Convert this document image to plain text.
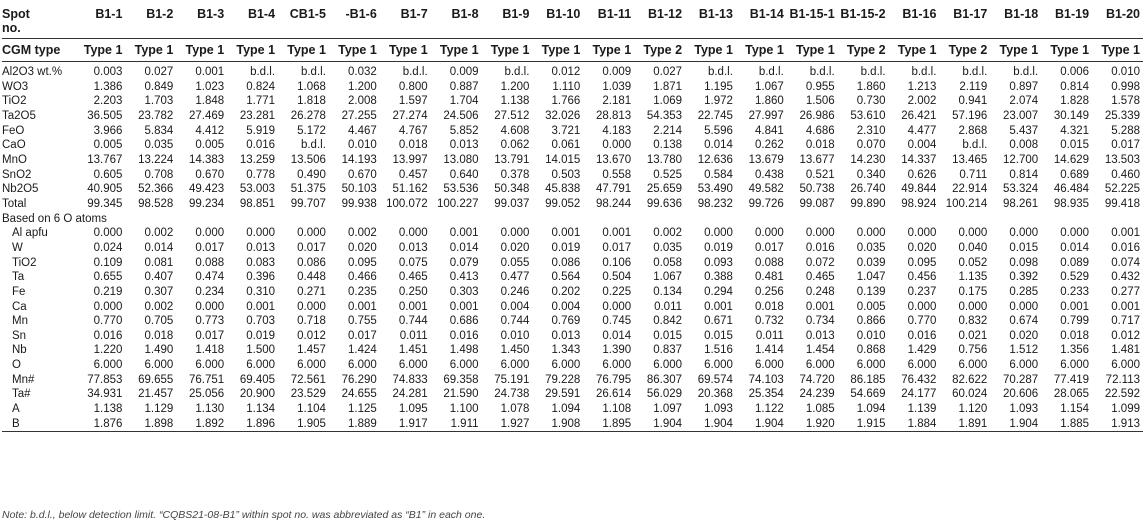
Spot	B1-1	B1-2	B1-3	B1-4	CB1-5	-B1-6	B1-7	B1-8	B1-9	B1-10	B1-11	B1-12	B1-13	B1-14	B1-15-1	B1-15-2	B1-16	B1-17	B1-18	B1-19	B1-20
no.																					
CGM type	Type 1	Type 1	Type 1	Type 1	Type 1	Type 1	Type 1	Type 1	Type 1	Type 1	Type 1	Type 2	Type 1	Type 1	Type 1	Type 2	Type 1	Type 2	Type 1	Type 1	Type 1
Al2O3 wt.%	0.003	0.027	0.001	b.d.l.	b.d.l.	0.032	b.d.l.	0.009	b.d.l.	0.012	0.009	0.027	b.d.l.	b.d.l.	b.d.l.	b.d.l.	b.d.l.	b.d.l.	b.d.l.	0.006	0.010
WO3	1.386	0.849	1.023	0.824	1.068	1.200	0.800	0.887	1.200	1.110	1.039	1.871	1.195	1.067	0.955	1.860	1.213	2.119	0.897	0.814	0.998
TiO2	2.203	1.703	1.848	1.771	1.818	2.008	1.597	1.704	1.138	1.766	2.181	1.069	1.972	1.860	1.506	0.730	2.002	0.941	2.074	1.828	1.578
Ta2O5	36.505	23.782	27.469	23.281	26.278	27.255	27.274	24.506	27.512	32.026	28.813	54.353	22.745	27.997	26.986	53.610	26.421	57.196	23.007	30.149	25.339
FeO	3.966	5.834	4.412	5.919	5.172	4.467	4.767	5.852	4.608	3.721	4.183	2.214	5.596	4.841	4.686	2.310	4.477	2.868	5.437	4.321	5.288
CaO	0.005	0.035	0.005	0.016	b.d.l.	0.010	0.018	0.013	0.062	0.061	0.000	0.138	0.014	0.262	0.018	0.070	0.004	b.d.l.	0.008	0.015	0.017
MnO	13.767	13.224	14.383	13.259	13.506	14.193	13.997	13.080	13.791	14.015	13.670	13.780	12.636	13.679	13.677	14.230	14.337	13.465	12.700	14.629	13.503
SnO2	0.605	0.708	0.670	0.778	0.490	0.670	0.457	0.640	0.378	0.503	0.558	0.525	0.584	0.438	0.521	0.340	0.626	0.711	0.814	0.689	0.460
Nb2O5	40.905	52.366	49.423	53.003	51.375	50.103	51.162	53.536	50.348	45.838	47.791	25.659	53.490	49.582	50.738	26.740	49.844	22.914	53.324	46.484	52.225
Total	99.345	98.528	99.234	98.851	99.707	99.938	100.072	100.227	99.037	99.052	98.244	99.636	98.232	99.726	99.087	99.890	98.924	100.214	98.261	98.935	99.418
Based on 6 O atoms																					
Al apfu	0.000	0.002	0.000	0.000	0.000	0.002	0.000	0.001	0.000	0.001	0.001	0.002	0.000	0.000	0.000	0.000	0.000	0.000	0.000	0.000	0.001
W	0.024	0.014	0.017	0.013	0.017	0.020	0.013	0.014	0.020	0.019	0.017	0.035	0.019	0.017	0.016	0.035	0.020	0.040	0.015	0.014	0.016
TiO2	0.109	0.081	0.088	0.083	0.086	0.095	0.075	0.079	0.055	0.086	0.106	0.058	0.093	0.088	0.072	0.039	0.095	0.052	0.098	0.089	0.074
Ta	0.655	0.407	0.474	0.396	0.448	0.466	0.465	0.413	0.477	0.564	0.504	1.067	0.388	0.481	0.465	1.047	0.456	1.135	0.392	0.529	0.432
Fe	0.219	0.307	0.234	0.310	0.271	0.235	0.250	0.303	0.246	0.202	0.225	0.134	0.294	0.256	0.248	0.139	0.237	0.175	0.285	0.233	0.277
Ca	0.000	0.002	0.000	0.001	0.000	0.001	0.001	0.001	0.004	0.004	0.000	0.011	0.001	0.018	0.001	0.005	0.000	0.000	0.000	0.001	0.001
Mn	0.770	0.705	0.773	0.703	0.718	0.755	0.744	0.686	0.744	0.769	0.745	0.842	0.671	0.732	0.734	0.866	0.770	0.832	0.674	0.799	0.717
Sn	0.016	0.018	0.017	0.019	0.012	0.017	0.011	0.016	0.010	0.013	0.014	0.015	0.015	0.011	0.013	0.010	0.016	0.021	0.020	0.018	0.012
Nb	1.220	1.490	1.418	1.500	1.457	1.424	1.451	1.498	1.450	1.343	1.390	0.837	1.516	1.414	1.454	0.868	1.429	0.756	1.512	1.356	1.481
O	6.000	6.000	6.000	6.000	6.000	6.000	6.000	6.000	6.000	6.000	6.000	6.000	6.000	6.000	6.000	6.000	6.000	6.000	6.000	6.000	6.000
Mn#	77.853	69.655	76.751	69.405	72.561	76.290	74.833	69.358	75.191	79.228	76.795	86.307	69.574	74.103	74.720	86.185	76.432	82.622	70.287	77.419	72.113
Ta#	34.931	21.457	25.056	20.900	23.529	24.655	24.281	21.590	24.738	29.591	26.614	56.029	20.368	25.354	24.239	54.669	24.177	60.024	20.606	28.065	22.592
A	1.138	1.129	1.130	1.134	1.104	1.125	1.095	1.100	1.078	1.094	1.108	1.097	1.093	1.122	1.085	1.094	1.139	1.120	1.093	1.154	1.099
B	1.876	1.898	1.892	1.896	1.905	1.889	1.917	1.911	1.927	1.908	1.895	1.904	1.904	1.904	1.920	1.915	1.884	1.891	1.904	1.885	1.913
Note: b.d.l., below detection limit. “CQBS21-08-B1” within spot no. was abbreviated as “B1” in each one.
